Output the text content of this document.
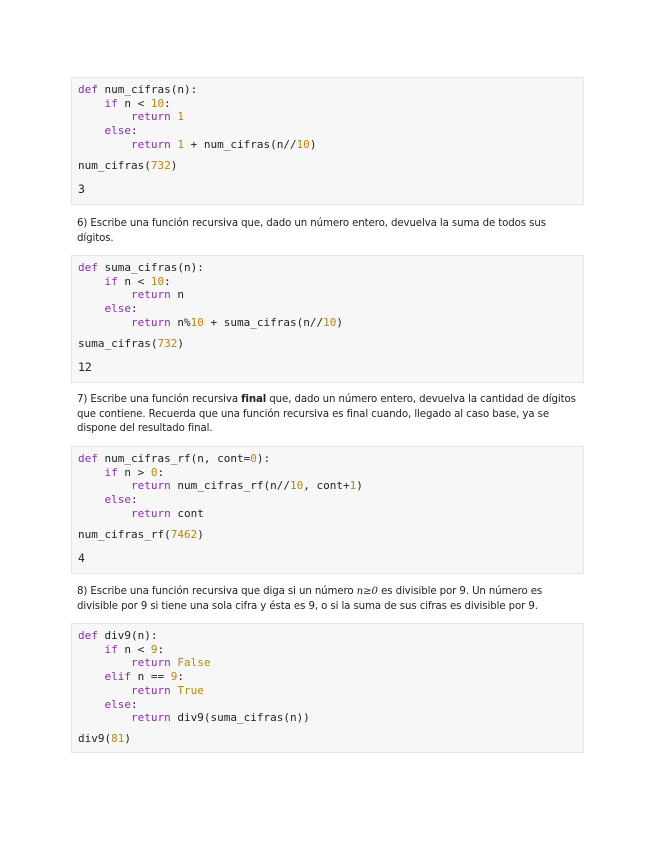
def num_cifras(n):
if n < 10:
return 1
else:
return 1 + num_cifras(n//10)
num_cifras(732)
3
6) Escribe una función recursiva que, dado un número entero, devuelva la suma de todos sus dígitos.
def suma_cifras(n):
if n < 10:
return n
else:
return n%10 + suma_cifras(n//10)
suma_cifras(732)
12
7) Escribe una función recursiva final que, dado un número entero, devuelva la cantidad de dígitos que contiene. Recuerda que una función recursiva es final cuando, llegado al caso base, ya se dispone del resultado final.
def num_cifras_rf(n, cont=0):
if n > 0:
return num_cifras_rf(n//10, cont+1)
else:
return cont
num_cifras_rf(7462)
4
8) Escribe una función recursiva que diga si un número n≥0 es divisible por 9. Un número es divisible por 9 si tiene una sola cifra y ésta es 9, o si la suma de sus cifras es divisible por 9.
def div9(n):
if n < 9:
return False
elif n == 9:
return True
else:
return div9(suma_cifras(n))
div9(81)
